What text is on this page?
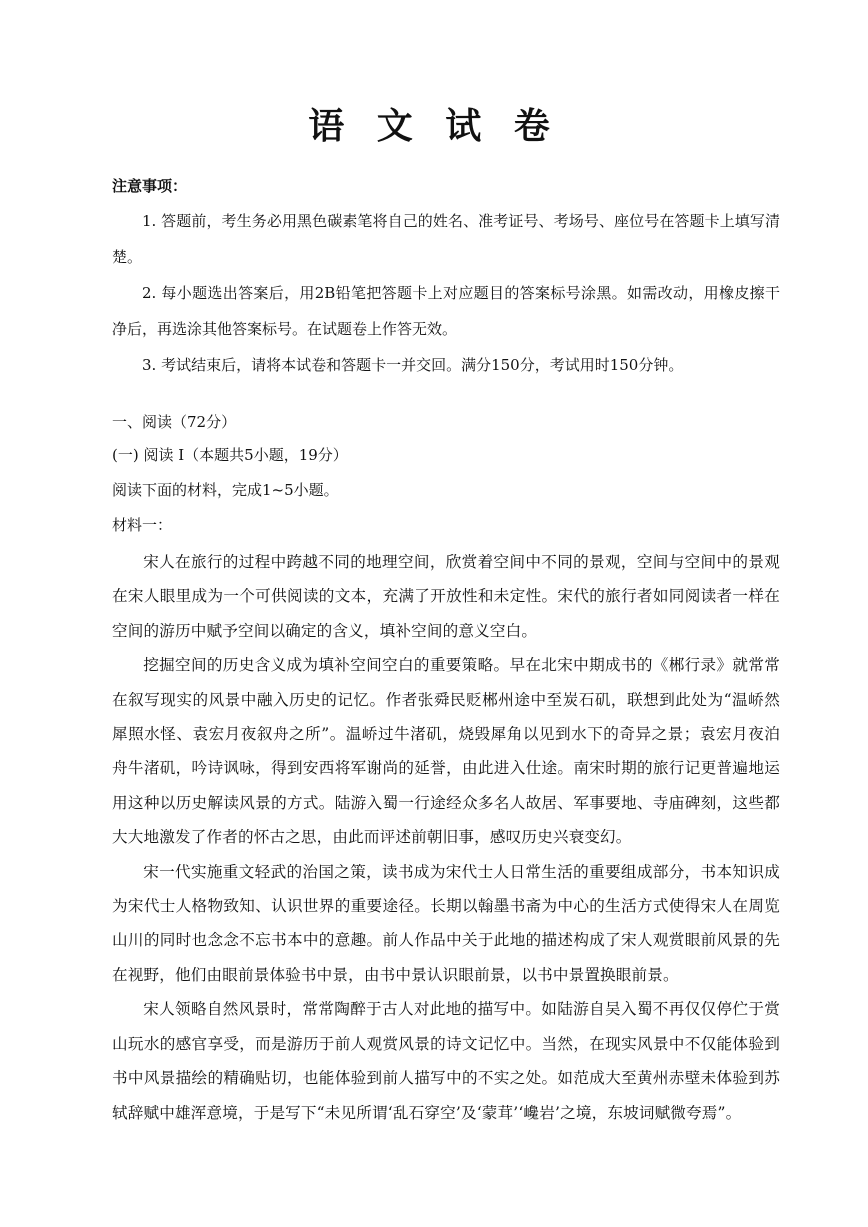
语 文 试 卷
注意事项：

1. 答题前，考生务必用黑色碳素笔将自己的姓名、准考证号、考场号、座位号在答题卡上填写清楚。

2. 每小题选出答案后，用2B铅笔把答题卡上对应题目的答案标号涂黑。如需改动，用橡皮擦干净后，再选涂其他答案标号。在试题卷上作答无效。

3. 考试结束后，请将本试卷和答题卡一并交回。满分150分，考试用时150分钟。

一、阅读（72分）
(一) 阅读 I（本题共5小题，19分）
阅读下面的材料，完成1~5小题。
材料一：

宋人在旅行的过程中跨越不同的地理空间，欣赏着空间中不同的景观，空间与空间中的景观在宋人眼里成为一个可供阅读的文本，充满了开放性和未定性。宋代的旅行者如同阅读者一样在空间的游历中赋予空间以确定的含义，填补空间的意义空白。

挖掘空间的历史含义成为填补空间空白的重要策略。早在北宋中期成书的《郴行录》就常常在叙写现实的风景中融入历史的记忆。作者张舜民贬郴州途中至炭石矶，联想到此处为“温峤然犀照水怪、袁宏月夜叙舟之所”。温峤过牛渚矶，烧毁犀角以见到水下的奇异之景；袁宏月夜泊舟牛渚矶，吟诗讽咏，得到安西将军谢尚的延誉，由此进入仕途。南宋时期的旅行记更普遍地运用这种以历史解读风景的方式。陆游入蜀一行途经众多名人故居、军事要地、寺庙碑刻，这些都大大地激发了作者的怀古之思，由此而评述前朝旧事，感叹历史兴衰变幻。

宋一代实施重文轻武的治国之策，读书成为宋代士人日常生活的重要组成部分，书本知识成为宋代士人格物致知、认识世界的重要途径。长期以翰墨书斋为中心的生活方式使得宋人在周览山川的同时也念念不忘书本中的意趣。前人作品中关于此地的描述构成了宋人观赏眼前风景的先在视野，他们由眼前景体验书中景，由书中景认识眼前景，以书中景置换眼前景。

宋人领略自然风景时，常常陶醉于古人对此地的描写中。如陆游自吴入蜀不再仅仅停伫于赏山玩水的感官享受，而是游历于前人观赏风景的诗文记忆中。当然，在现实风景中不仅能体验到书中风景描绘的精确贴切，也能体验到前人描写中的不实之处。如范成大至黄州赤壁未体验到苏轼辞赋中雄浑意境，于是写下“未见所谓‘乱石穿空’及‘蒙茸’‘巉岩’之境，东坡词赋微夸焉”。
